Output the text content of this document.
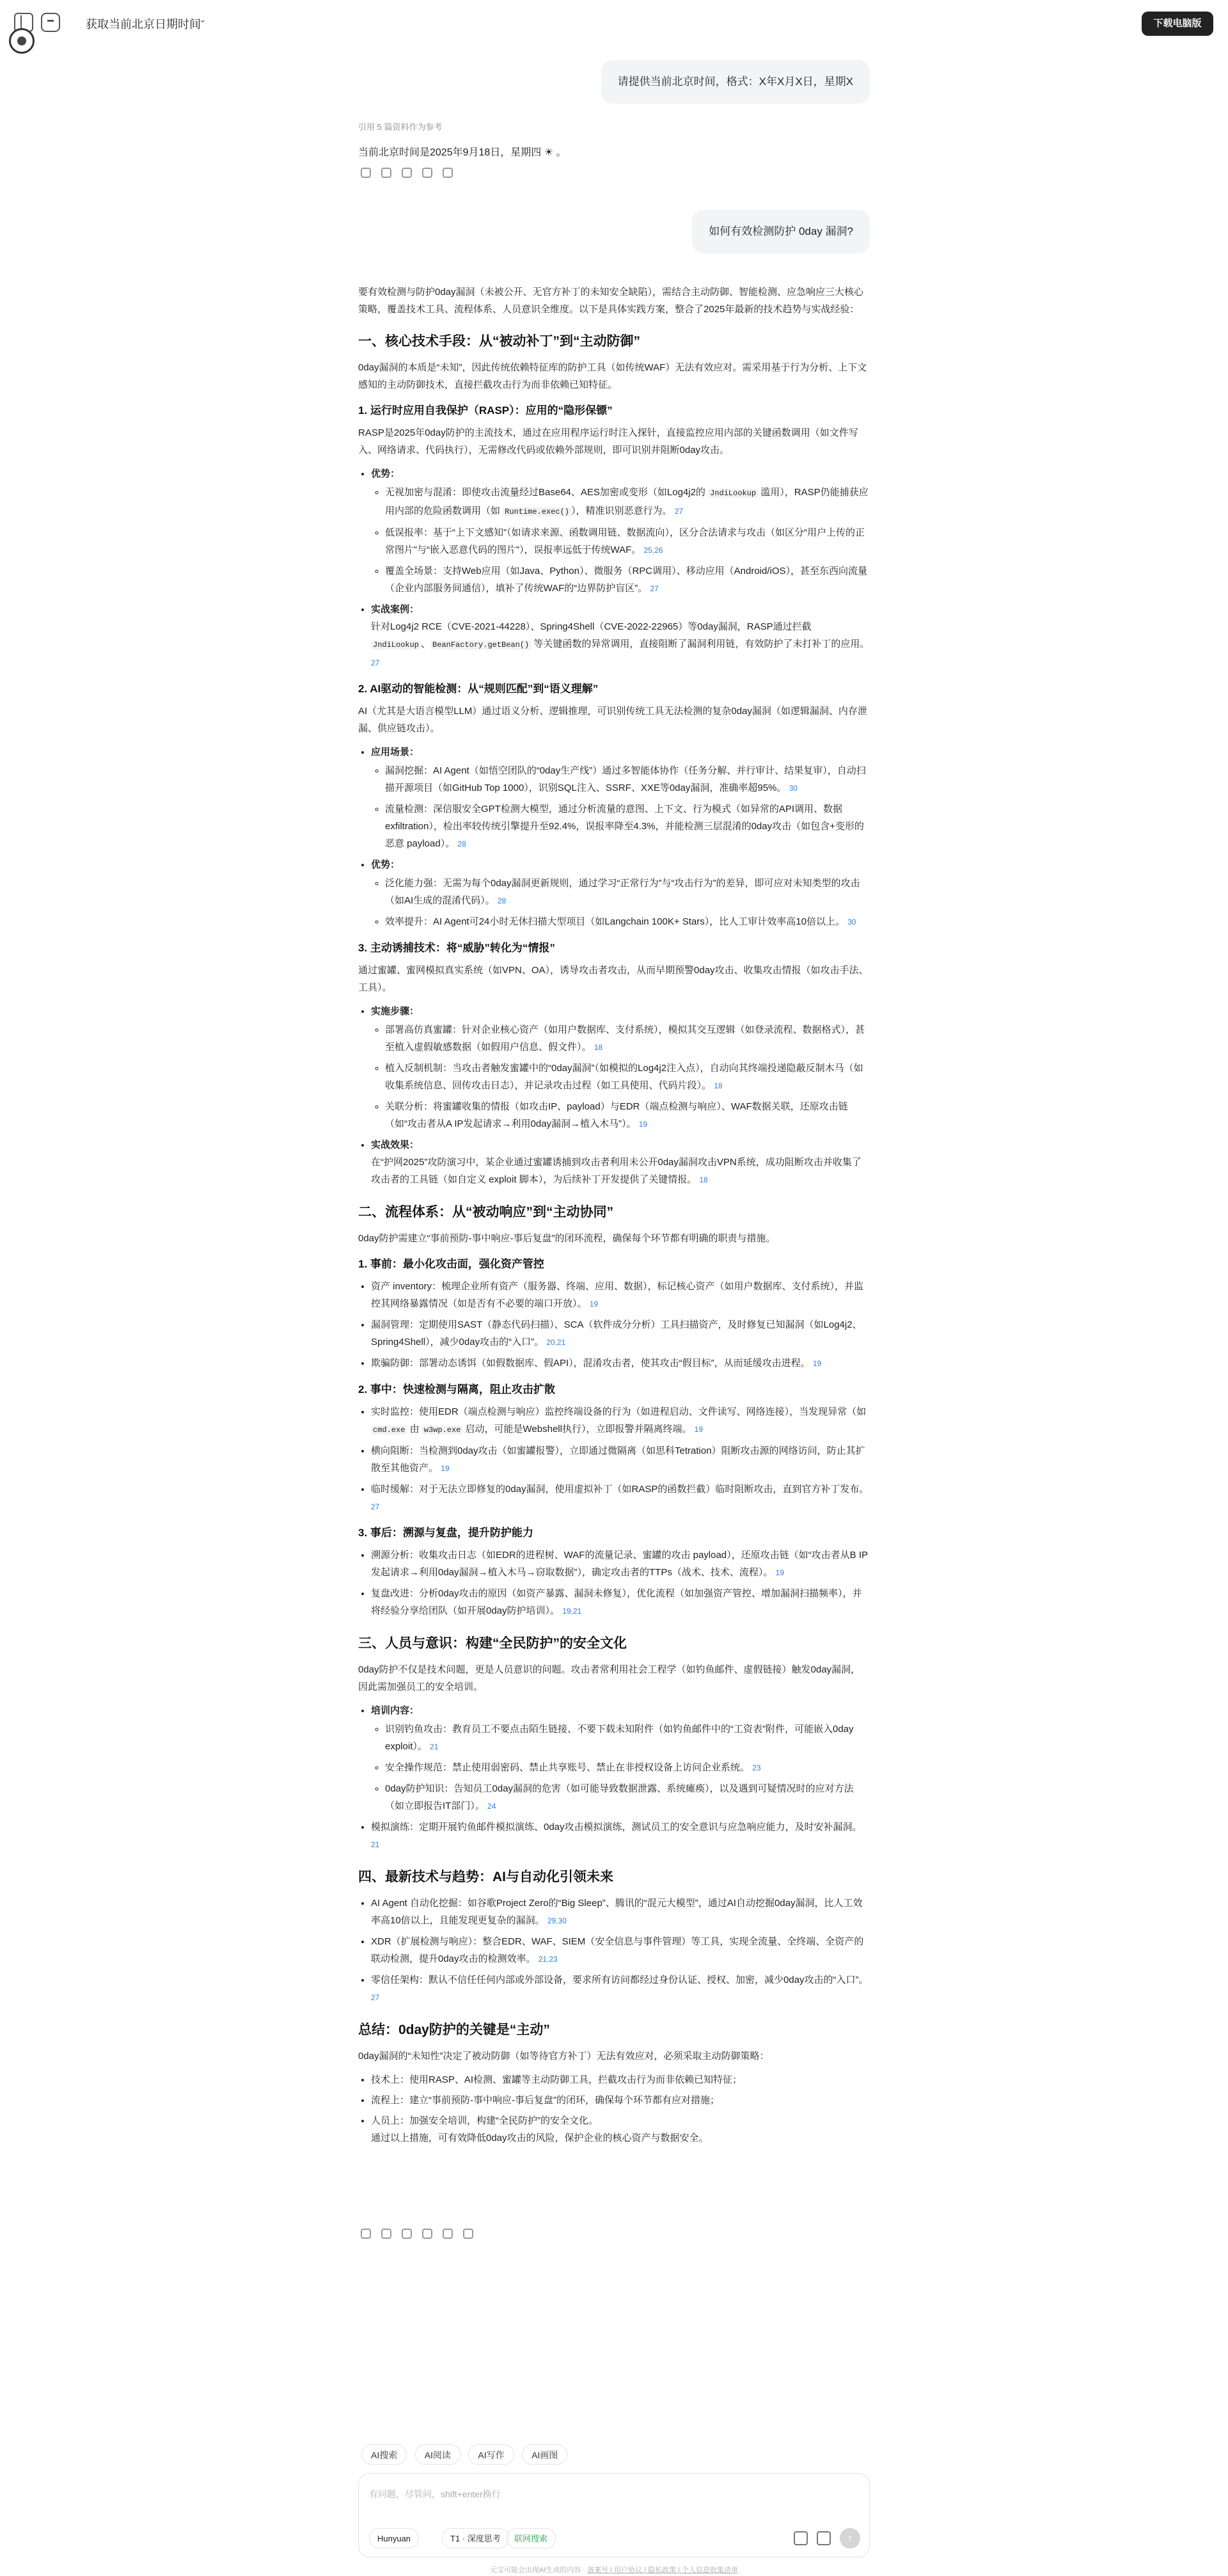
获取当前北京日期时间
⌄	下载电脑版
请提供当前北京时间，格式：X年X月X日，星期X
引用 5 篇资料作为参考
当前北京时间是2025年9月18日，星期四 ☀ 。
如何有效检测防护 0day 漏洞?

要有效检测与防护0day漏洞（未被公开、无官方补丁的未知安全缺陷），需结合主动防御、智能检测、应急响应三大核心策略，覆盖技术工具、流程体系、人员意识全维度。以下是具体实践方案，整合了2025年最新的技术趋势与实战经验：

一、核心技术手段：从“被动补丁”到“主动防御”

0day漏洞的本质是“未知”，因此传统依赖特征库的防护工具（如传统WAF）无法有效应对。需采用基于行为分析、上下文感知的主动防御技术，直接拦截攻击行为而非依赖已知特征。

1. 运行时应用自我保护（RASP）：应用的“隐形保镖”

RASP是2025年0day防护的主流技术，通过在应用程序运行时注入探针，直接监控应用内部的关键函数调用（如文件写入、网络请求、代码执行），无需修改代码或依赖外部规则，即可识别并阻断0day攻击。

• 优势：
◦ 无视加密与混淆：即使攻击流量经过Base64、AES加密或变形（如Log4j2的 JndiLookup 滥用），RASP仍能捕获应用内部的危险函数调用（如 Runtime.exec() ），精准识别恶意行为。 27
◦ 低误报率：基于“上下文感知”（如请求来源、函数调用链、数据流向），区分合法请求与攻击（如区分“用户上传的正常图片”与“嵌入恶意代码的图片”），误报率远低于传统WAF。 25,26
◦ 覆盖全场景：支持Web应用（如Java、Python）、微服务（RPC调用）、移动应用（Android/iOS），甚至东西向流量（企业内部服务间通信），填补了传统WAF的“边界防护盲区”。 27
• 实战案例：
针对Log4j2 RCE（CVE-2021-44228）、Spring4Shell（CVE-2022-22965）等0day漏洞，RASP通过拦截 JndiLookup 、 BeanFactory.getBean() 等关键函数的异常调用，直接阻断了漏洞利用链，有效防护了未打补丁的应用。 27
2. AI驱动的智能检测：从“规则匹配”到“语义理解”

AI（尤其是大语言模型LLM）通过语义分析、逻辑推理，可识别传统工具无法检测的复杂0day漏洞（如逻辑漏洞、内存泄漏、供应链攻击）。

• 应用场景：
◦ 漏洞挖掘：AI Agent（如悟空团队的“0day生产线”）通过多智能体协作（任务分解、并行审计、结果复审），自动扫描开源项目（如GitHub Top 1000），识别SQL注入、SSRF、XXE等0day漏洞，准确率超95%。 30
◦ 流量检测：深信服安全GPT检测大模型，通过分析流量的意图、上下文、行为模式（如异常的API调用、数据exfiltration），检出率较传统引擎提升至92.4%，误报率降至4.3%，并能检测三层混淆的0day攻击（如包含+变形的恶意 payload）。 28
• 优势：
◦ 泛化能力强：无需为每个0day漏洞更新规则，通过学习“正常行为”与“攻击行为”的差异，即可应对未知类型的攻击（如AI生成的混淆代码）。 28
◦ 效率提升：AI Agent可24小时无休扫描大型项目（如Langchain 100K+ Stars），比人工审计效率高10倍以上。 30
3. 主动诱捕技术：将“威胁”转化为“情报”

通过蜜罐、蜜网模拟真实系统（如VPN、OA），诱导攻击者攻击，从而早期预警0day攻击、收集攻击情报（如攻击手法、工具）。

• 实施步骤：
◦ 部署高仿真蜜罐：针对企业核心资产（如用户数据库、支付系统），模拟其交互逻辑（如登录流程、数据格式），甚至植入虚假敏感数据（如假用户信息、假文件）。 18
◦ 植入反制机制：当攻击者触发蜜罐中的“0day漏洞”（如模拟的Log4j2注入点），自动向其终端投递隐蔽反制木马（如收集系统信息、回传攻击日志），并记录攻击过程（如工具使用、代码片段）。 18
◦ 关联分析：将蜜罐收集的情报（如攻击IP、payload）与EDR（端点检测与响应）、WAF数据关联，还原攻击链（如“攻击者从A IP发起请求→利用0day漏洞→植入木马”）。 19
• 实战效果：
在“护网2025”攻防演习中，某企业通过蜜罐诱捕到攻击者利用未公开0day漏洞攻击VPN系统，成功阻断攻击并收集了攻击者的工具链（如自定义 exploit 脚本），为后续补丁开发提供了关键情报。 18
二、流程体系：从“被动响应”到“主动协同”

0day防护需建立“事前预防-事中响应-事后复盘”的闭环流程，确保每个环节都有明确的职责与措施。

1. 事前：最小化攻击面，强化资产管控
• 资产 inventory：梳理企业所有资产（服务器、终端、应用、数据），标记核心资产（如用户数据库、支付系统），并监控其网络暴露情况（如是否有不必要的端口开放）。 19
• 漏洞管理：定期使用SAST（静态代码扫描）、SCA（软件成分分析）工具扫描资产，及时修复已知漏洞（如Log4j2、Spring4Shell），减少0day攻击的“入口”。 20,21
• 欺骗防御：部署动态诱饵（如假数据库、假API），混淆攻击者，使其攻击“假目标”，从而延缓攻击进程。 19
2. 事中：快速检测与隔离，阻止攻击扩散
• 实时监控：使用EDR（端点检测与响应）监控终端设备的行为（如进程启动、文件读写、网络连接），当发现异常（如 cmd.exe 由 w3wp.exe 启动，可能是Webshell执行），立即报警并隔离终端。 19
• 横向阻断：当检测到0day攻击（如蜜罐报警），立即通过微隔离（如思科Tetration）阻断攻击源的网络访问，防止其扩散至其他资产。 19
• 临时缓解：对于无法立即修复的0day漏洞，使用虚拟补丁（如RASP的函数拦截）临时阻断攻击，直到官方补丁发布。 27
3. 事后：溯源与复盘，提升防护能力
• 溯源分析：收集攻击日志（如EDR的进程树、WAF的流量记录、蜜罐的攻击 payload），还原攻击链（如“攻击者从B IP发起请求→利用0day漏洞→植入木马→窃取数据”），确定攻击者的TTPs（战术、技术、流程）。 19
• 复盘改进：分析0day攻击的原因（如资产暴露、漏洞未修复），优化流程（如加强资产管控、增加漏洞扫描频率），并将经验分享给团队（如开展0day防护培训）。 19,21
三、人员与意识：构建“全民防护”的安全文化

0day防护不仅是技术问题，更是人员意识的问题。攻击者常利用社会工程学（如钓鱼邮件、虚假链接）触发0day漏洞，因此需加强员工的安全培训。

• 培训内容：
◦ 识别钓鱼攻击：教育员工不要点击陌生链接、不要下载未知附件（如钓鱼邮件中的“工资表”附件，可能嵌入0day exploit）。 21
◦ 安全操作规范：禁止使用弱密码、禁止共享账号、禁止在非授权设备上访问企业系统。 23
◦ 0day防护知识：告知员工0day漏洞的危害（如可能导致数据泄露、系统瘫痪），以及遇到可疑情况时的应对方法（如立即报告IT部门）。 24
• 模拟演练：定期开展钓鱼邮件模拟演练、0day攻击模拟演练，测试员工的安全意识与应急响应能力，及时安补漏洞。 21
四、最新技术与趋势：AI与自动化引领未来
• AI Agent 自动化挖掘：如谷歌Project Zero的“Big Sleep”、腾讯的“混元大模型”，通过AI自动挖掘0day漏洞，比人工效率高10倍以上，且能发现更复杂的漏洞。 29,30
• XDR（扩展检测与响应）：整合EDR、WAF、SIEM（安全信息与事件管理）等工具，实现全流量、全终端、全资产的联动检测，提升0day攻击的检测效率。 21,23
• 零信任架构：默认不信任任何内部或外部设备，要求所有访问都经过身份认证、授权、加密，减少0day攻击的“入口”。 27
总结：0day防护的关键是“主动”

0day漏洞的“未知性”决定了被动防御（如等待官方补丁）无法有效应对，必须采取主动防御策略：

• 技术上：使用RASP、AI检测、蜜罐等主动防御工具，拦截攻击行为而非依赖已知特征；
• 流程上：建立“事前预防-事中响应-事后复盘”的闭环，确保每个环节都有应对措施；
• 人员上：加强安全培训，构建“全民防护”的安全文化。
通过以上措施，可有效降低0day攻击的风险，保护企业的核心资产与数据安全。
AI搜索	AI阅读	AI写作	AI画图
有问题，尽管问，shift+enter换行
Hunyuan	T1 · 深度思考	联网搜索	↑
元宝可能会出现AI生成的内容 · 备案号 | 用户协议 | 隐私政策 | 个人信息收集清单
